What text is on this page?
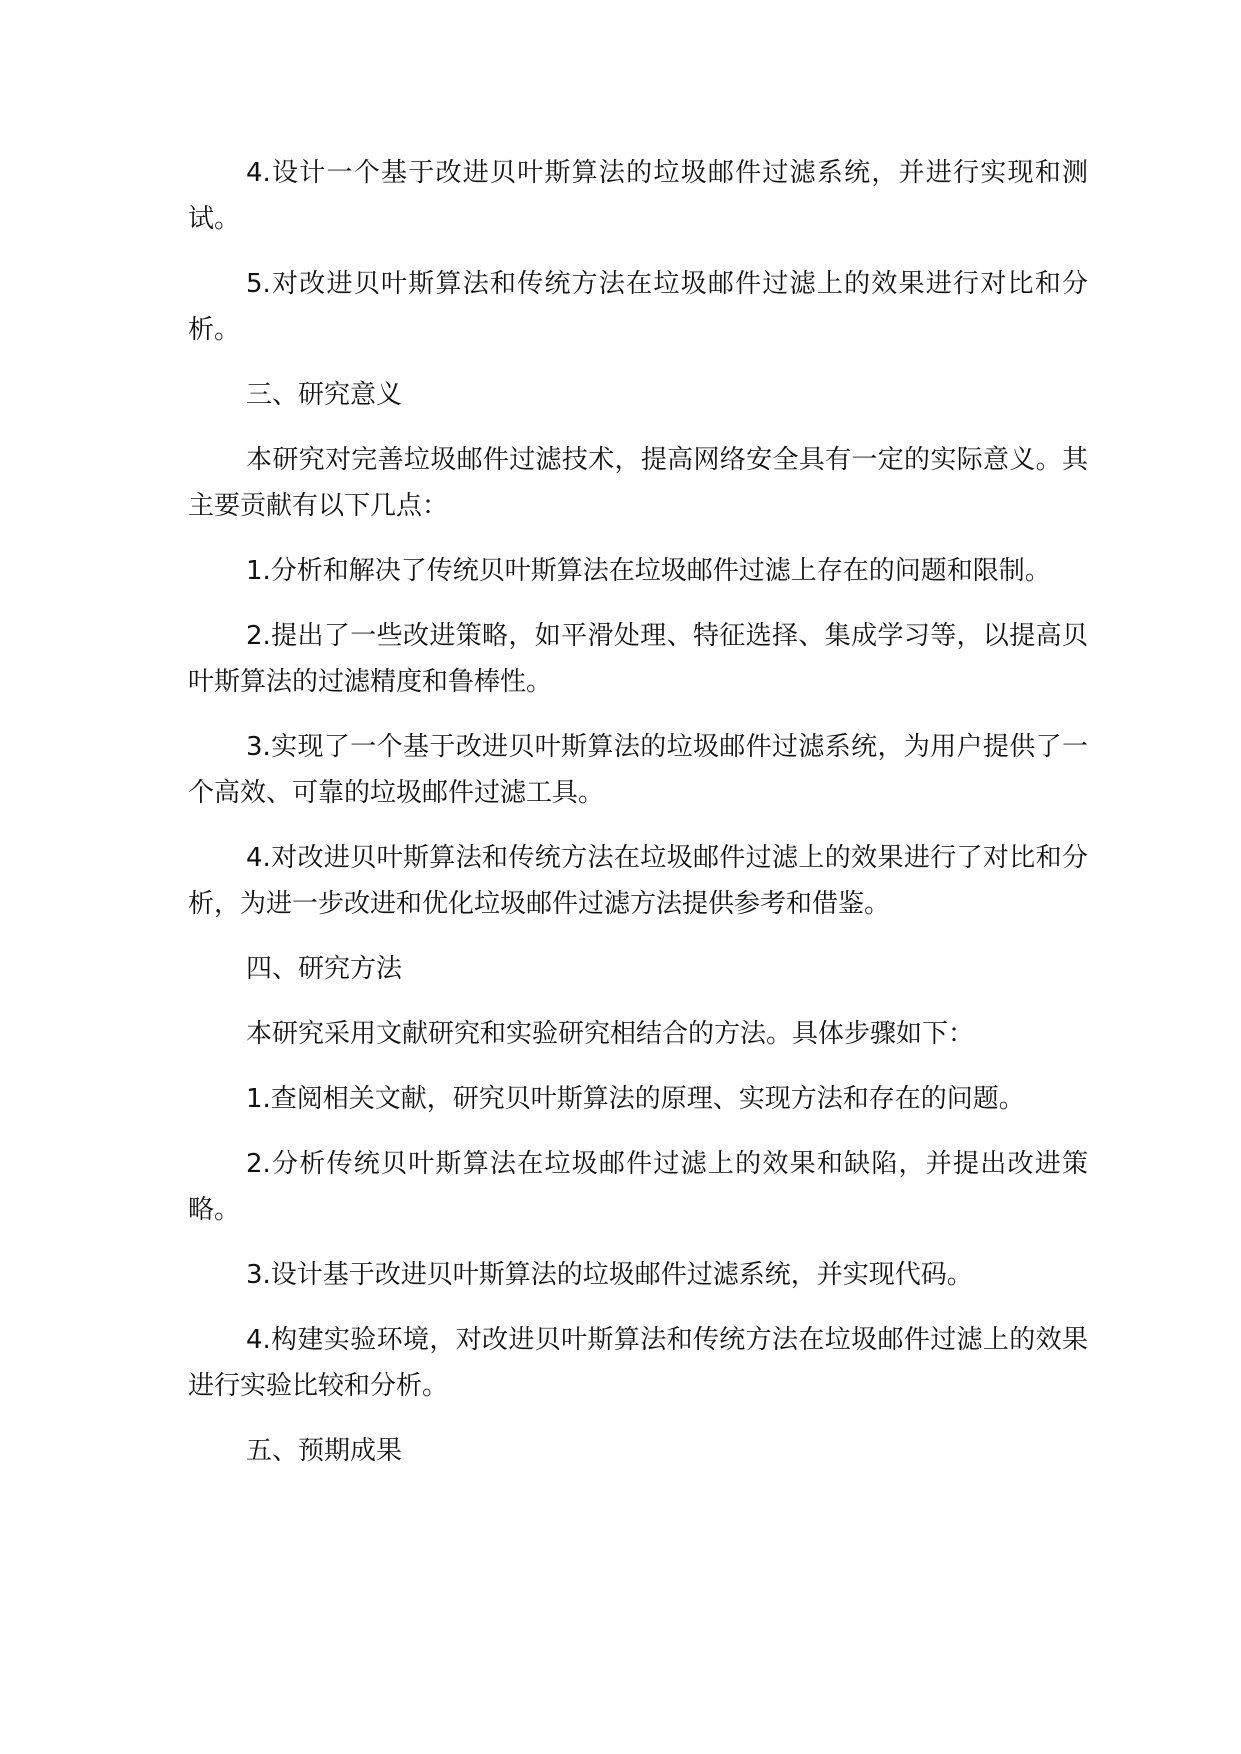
4.设计一个基于改进贝叶斯算法的垃圾邮件过滤系统，并进行实现和测试。

5.对改进贝叶斯算法和传统方法在垃圾邮件过滤上的效果进行对比和分析。

三、研究意义

本研究对完善垃圾邮件过滤技术，提高网络安全具有一定的实际意义。其主要贡献有以下几点：

1.分析和解决了传统贝叶斯算法在垃圾邮件过滤上存在的问题和限制。

2.提出了一些改进策略，如平滑处理、特征选择、集成学习等，以提高贝叶斯算法的过滤精度和鲁棒性。

3.实现了一个基于改进贝叶斯算法的垃圾邮件过滤系统，为用户提供了一个高效、可靠的垃圾邮件过滤工具。

4.对改进贝叶斯算法和传统方法在垃圾邮件过滤上的效果进行了对比和分析，为进一步改进和优化垃圾邮件过滤方法提供参考和借鉴。

四、研究方法

本研究采用文献研究和实验研究相结合的方法。具体步骤如下：

1.查阅相关文献，研究贝叶斯算法的原理、实现方法和存在的问题。

2.分析传统贝叶斯算法在垃圾邮件过滤上的效果和缺陷，并提出改进策略。

3.设计基于改进贝叶斯算法的垃圾邮件过滤系统，并实现代码。

4.构建实验环境，对改进贝叶斯算法和传统方法在垃圾邮件过滤上的效果进行实验比较和分析。

五、预期成果
